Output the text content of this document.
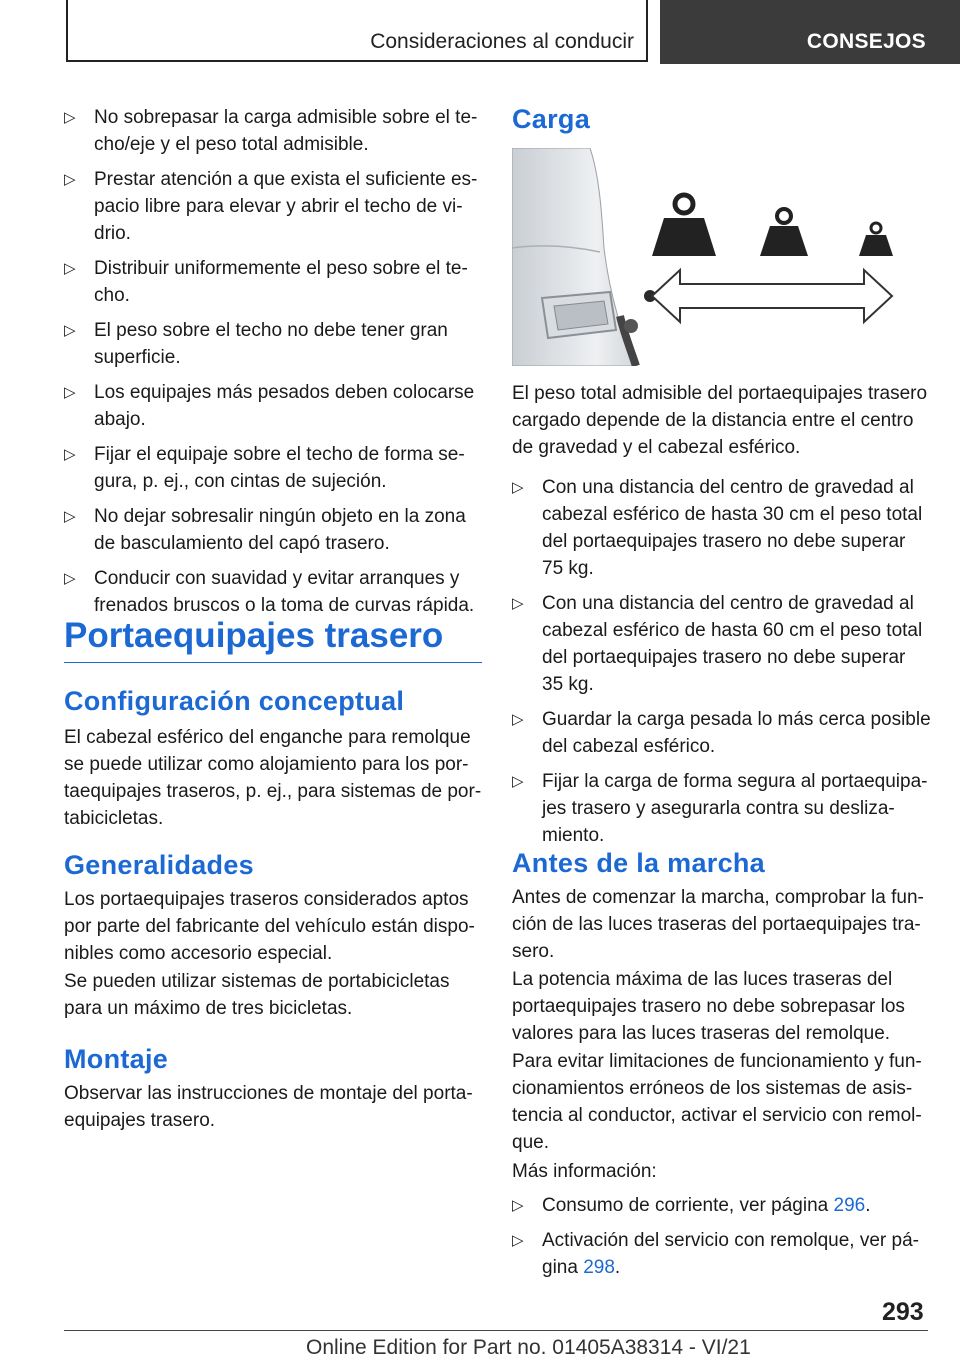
Consideraciones al conducir	CONSEJOS
▷ No sobrepasar la carga admisible sobre el te-
cho/eje y el peso total admisible.
▷ Prestar atención a que exista el suficiente es-
pacio libre para elevar y abrir el techo de vi-
drio.
▷ Distribuir uniformemente el peso sobre el te-
cho.
▷ El peso sobre el techo no debe tener gran
superficie.
▷ Los equipajes más pesados deben colocarse
abajo.
▷ Fijar el equipaje sobre el techo de forma se-
gura, p. ej., con cintas de sujeción.
▷ No dejar sobresalir ningún objeto en la zona
de basculamiento del capó trasero.
▷ Conducir con suavidad y evitar arranques y
frenados bruscos o la toma de curvas rápida.
Portaequipajes trasero
Configuración conceptual

El cabezal esférico del enganche para remolque
se puede utilizar como alojamiento para los por-
taequipajes traseros, p. ej., para sistemas de por-
tabicicletas.

Generalidades

Los portaequipajes traseros considerados aptos
por parte del fabricante del vehículo están dispo-
nibles como accesorio especial.

Se pueden utilizar sistemas de portabicicletas
para un máximo de tres bicicletas.

Montaje

Observar las instrucciones de montaje del porta-
equipajes trasero.

Carga

El peso total admisible del portaequipajes trasero
cargado depende de la distancia entre el centro
de gravedad y el cabezal esférico.

▷ Con una distancia del centro de gravedad al
cabezal esférico de hasta 30 cm el peso total
del portaequipajes trasero no debe superar
75 kg.
▷ Con una distancia del centro de gravedad al
cabezal esférico de hasta 60 cm el peso total
del portaequipajes trasero no debe superar
35 kg.
▷ Guardar la carga pesada lo más cerca posible
del cabezal esférico.
▷ Fijar la carga de forma segura al portaequipa-
jes trasero y asegurarla contra su desliza-
miento.
Antes de la marcha

Antes de comenzar la marcha, comprobar la fun-
ción de las luces traseras del portaequipajes tra-
sero.

La potencia máxima de las luces traseras del
portaequipajes trasero no debe sobrepasar los
valores para las luces traseras del remolque.

Para evitar limitaciones de funcionamiento y fun-
cionamientos erróneos de los sistemas de asis-
tencia al conductor, activar el servicio con remol-
que.

Más información:

▷ Consumo de corriente, ver página 296.
▷ Activación del servicio con remolque, ver pá-
gina 298.
293
Online Edition for Part no. 01405A38314 - VI/21
